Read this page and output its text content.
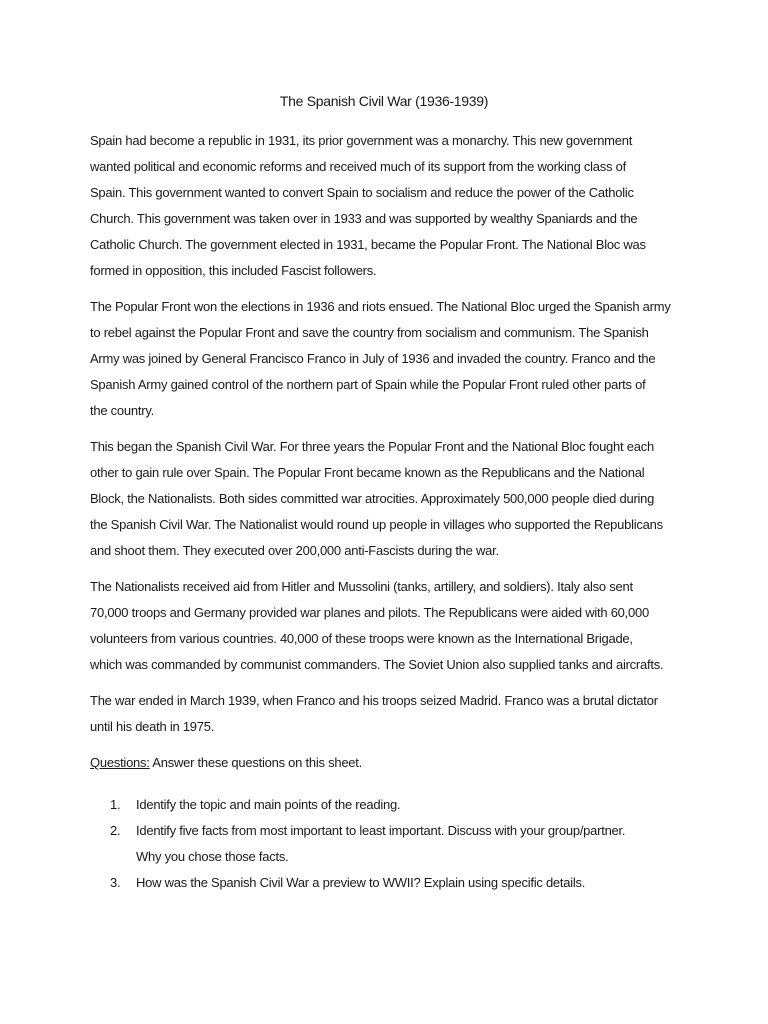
The Spanish Civil War (1936-1939)

Spain had become a republic in 1931, its prior government was a monarchy. This new government
wanted political and economic reforms and received much of its support from the working class of
Spain. This government wanted to convert Spain to socialism and reduce the power of the Catholic
Church. This government was taken over in 1933 and was supported by wealthy Spaniards and the
Catholic Church. The government elected in 1931, became the Popular Front. The National Bloc was
formed in opposition, this included Fascist followers.

The Popular Front won the elections in 1936 and riots ensued. The National Bloc urged the Spanish army
to rebel against the Popular Front and save the country from socialism and communism. The Spanish
Army was joined by General Francisco Franco in July of 1936 and invaded the country. Franco and the
Spanish Army gained control of the northern part of Spain while the Popular Front ruled other parts of
the country.

This began the Spanish Civil War. For three years the Popular Front and the National Bloc fought each
other to gain rule over Spain. The Popular Front became known as the Republicans and the National
Block, the Nationalists. Both sides committed war atrocities. Approximately 500,000 people died during
the Spanish Civil War. The Nationalist would round up people in villages who supported the Republicans
and shoot them. They executed over 200,000 anti-Fascists during the war.

The Nationalists received aid from Hitler and Mussolini (tanks, artillery, and soldiers). Italy also sent
70,000 troops and Germany provided war planes and pilots. The Republicans were aided with 60,000
volunteers from various countries. 40,000 of these troops were known as the International Brigade,
which was commanded by communist commanders. The Soviet Union also supplied tanks and aircrafts.

The war ended in March 1939, when Franco and his troops seized Madrid. Franco was a brutal dictator
until his death in 1975.

Questions: Answer these questions on this sheet.

1. Identify the topic and main points of the reading.
2. Identify five facts from most important to least important. Discuss with your group/partner.
Why you chose those facts.
3. How was the Spanish Civil War a preview to WWII? Explain using specific details.
